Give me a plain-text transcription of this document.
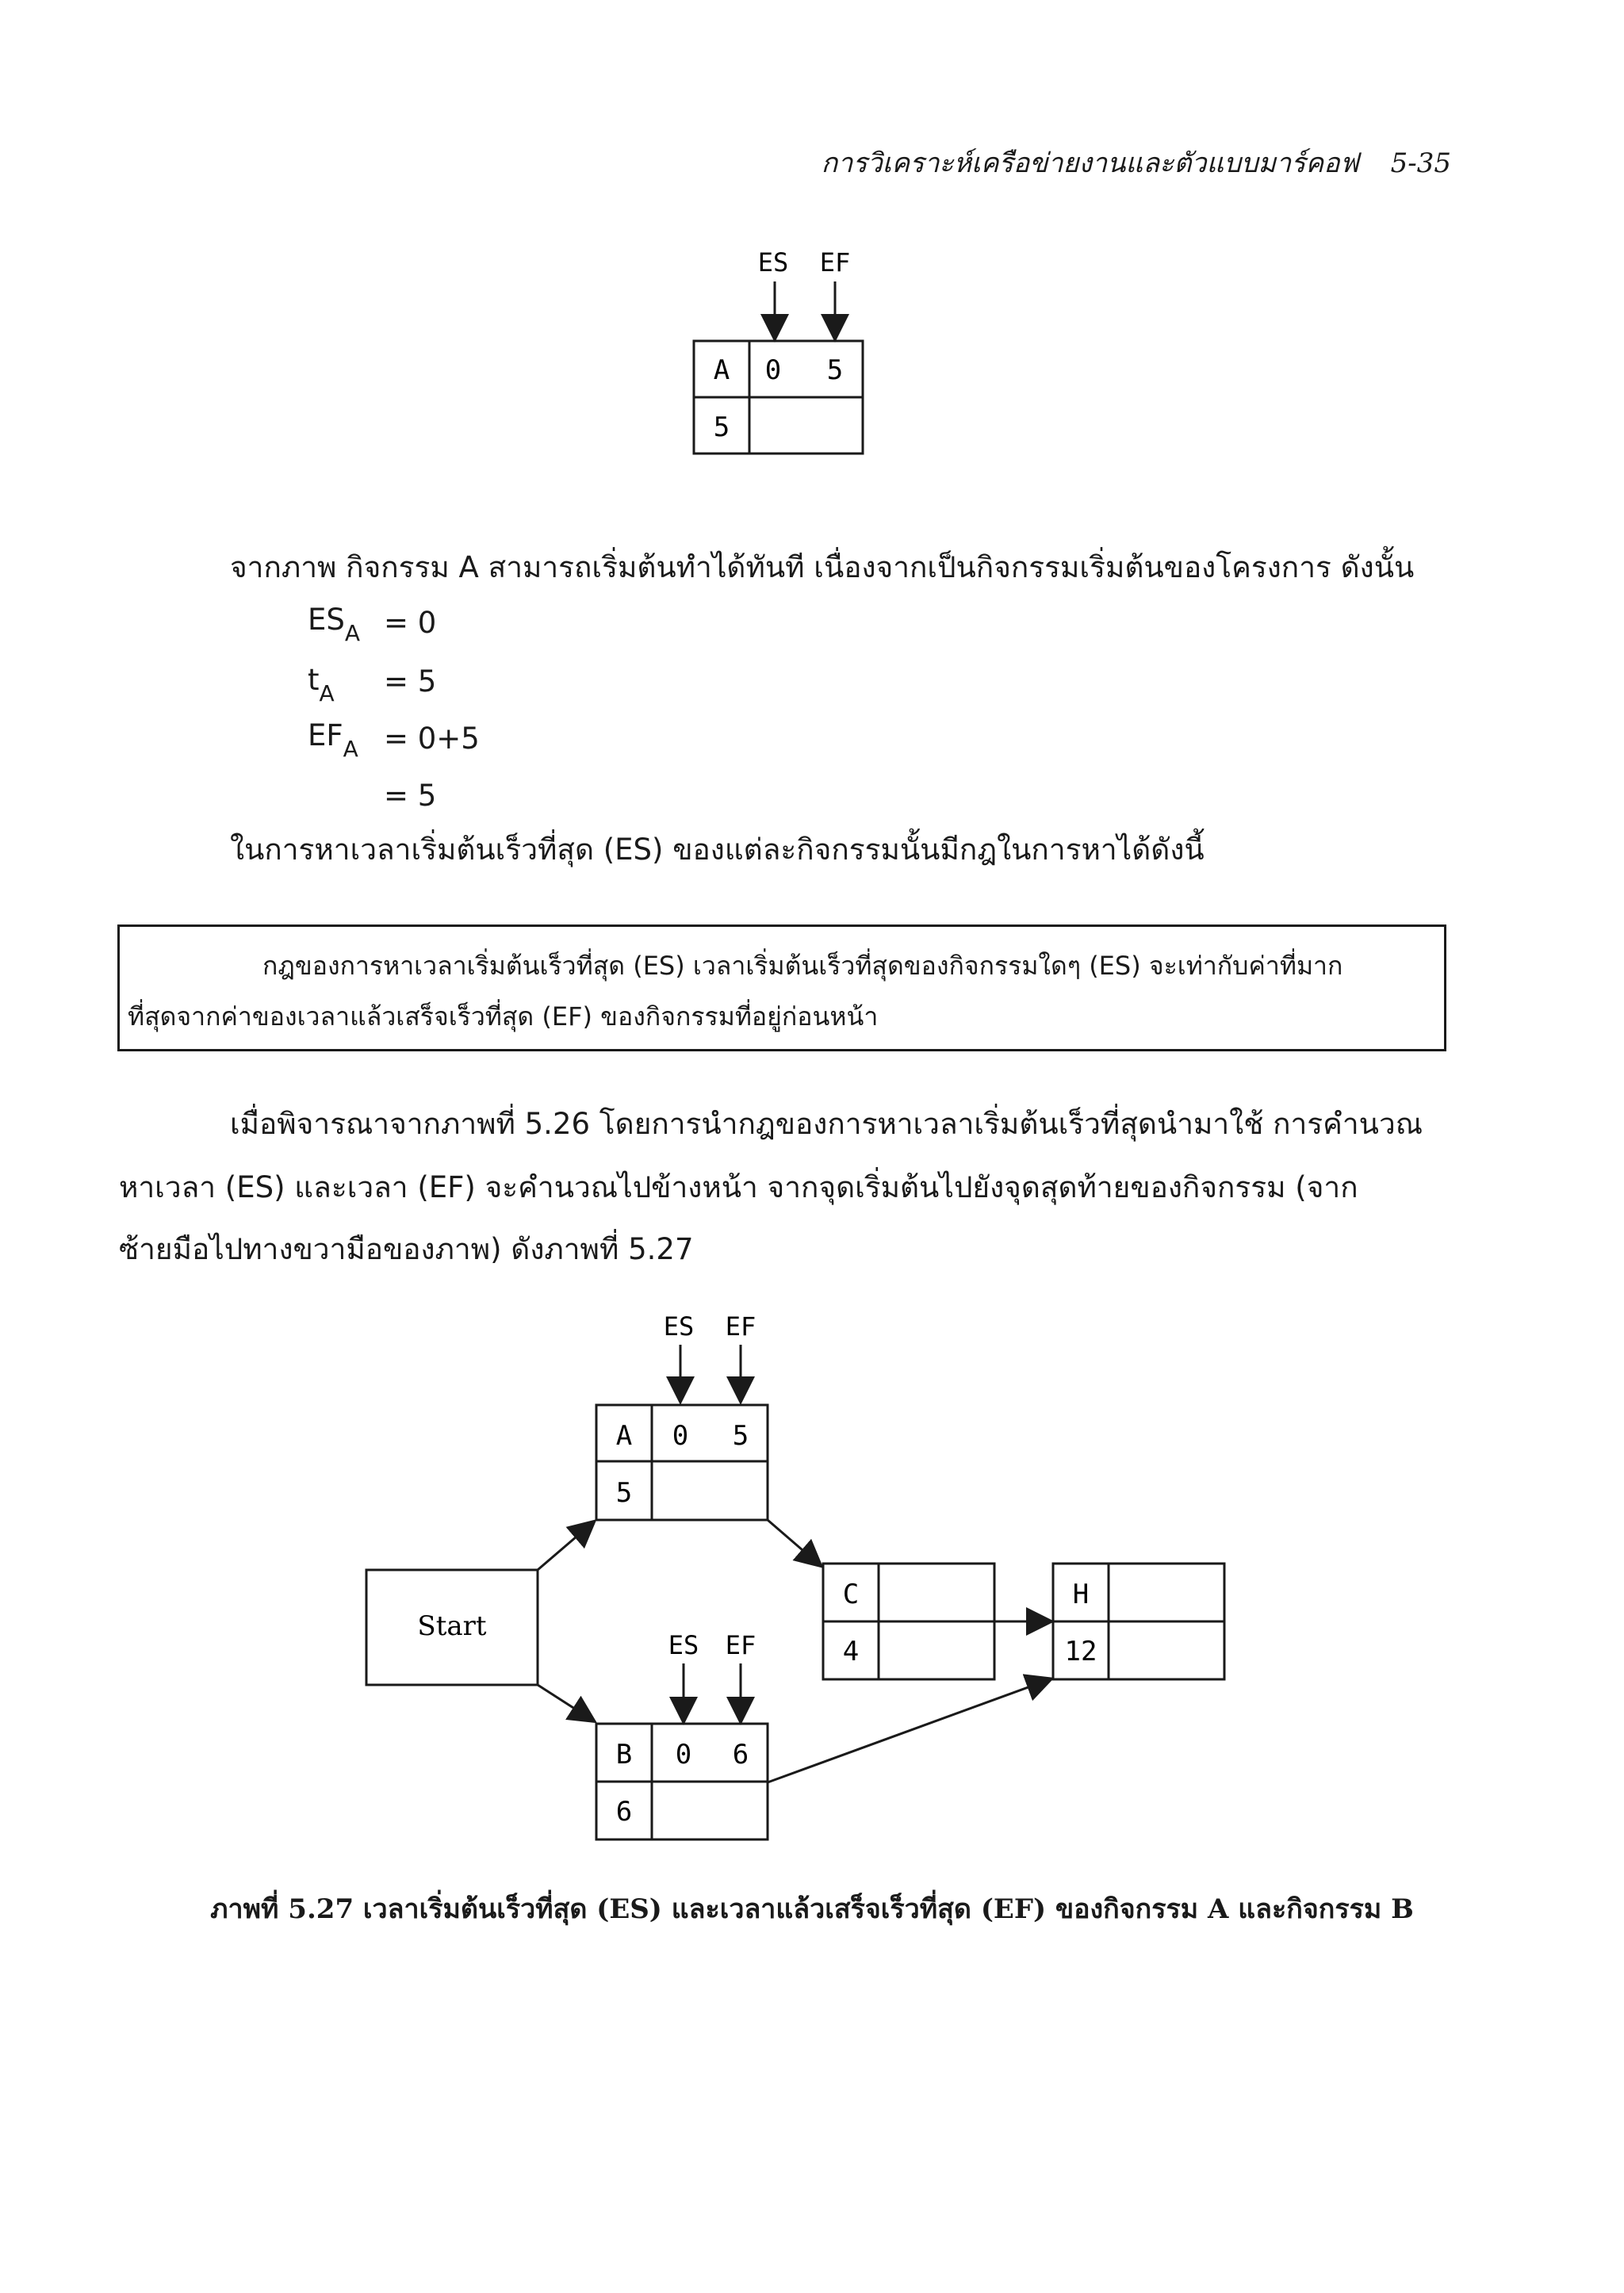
การวิเคราะห์เครือข่ายงานและตัวแบบมาร์คอฟ 5-35
ES EF
A 0 5
5
จากภาพ กิจกรรม A สามารถเริ่มต้นทำได้ทันที เนื่องจากเป็นกิจกรรมเริ่มต้นของโครงการ ดังนั้น
$ES_A = 0$
$t_A = 5$
$EF_A = 0+5$
= 5
ในการหาเวลาเริ่มต้นเร็วที่สุด (ES) ของแต่ละกิจกรรมนั้นมีกฎในการหาได้ดังนี้
กฎของการหาเวลาเริ่มต้นเร็วที่สุด (ES) เวลาเริ่มต้นเร็วที่สุดของกิจกรรมใดๆ (ES) จะเท่ากับค่าที่มาก
ที่สุดจากค่าของเวลาแล้วเสร็จเร็วที่สุด (EF) ของกิจกรรมที่อยู่ก่อนหน้า
เมื่อพิจารณาจากภาพที่ 5.26 โดยการนำกฎของการหาเวลาเริ่มต้นเร็วที่สุดนำมาใช้ การคำนวณ
หาเวลา (ES) และเวลา (EF) จะคำนวณไปข้างหน้า จากจุดเริ่มต้นไปยังจุดสุดท้ายของกิจกรรม (จาก
ซ้ายมือไปทางขวามือของภาพ) ดังภาพที่ 5.27
ES EF
A 0 5
5
Start
C
4
H
12
ES EF
B 0 6
6
ภาพที่ 5.27 เวลาเริ่มต้นเร็วที่สุด (ES) และเวลาแล้วเสร็จเร็วที่สุด (EF) ของกิจกรรม A และกิจกรรม B
